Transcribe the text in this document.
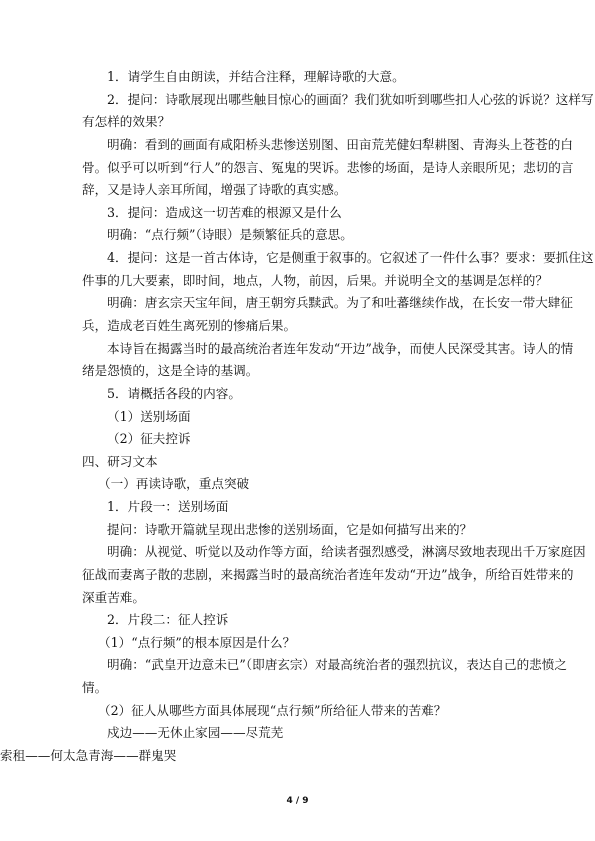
1．请学生自由朗读，并结合注释，理解诗歌的大意。
2．提问：诗歌展现出哪些触目惊心的画面？我们犹如听到哪些扣人心弦的诉说？这样写
有怎样的效果？
明确：看到的画面有咸阳桥头悲惨送别图、田亩荒芜健妇犁耕图、青海头上苍苍的白
骨。似乎可以听到“行人”的怨言、冤鬼的哭诉。悲惨的场面，是诗人亲眼所见；悲切的言
辞，又是诗人亲耳所闻，增强了诗歌的真实感。
3．提问：造成这一切苦难的根源又是什么
明确：“点行频”（诗眼）是频繁征兵的意思。
4．提问：这是一首古体诗，它是侧重于叙事的。它叙述了一件什么事？要求：要抓住这
件事的几大要素，即时间，地点，人物，前因，后果。并说明全文的基调是怎样的？
明确：唐玄宗天宝年间，唐王朝穷兵黩武。为了和吐蕃继续作战，在长安一带大肆征
兵，造成老百姓生离死别的惨痛后果。
本诗旨在揭露当时的最高统治者连年发动“开边”战争，而使人民深受其害。诗人的情
绪是怨愤的，这是全诗的基调。
5．请概括各段的内容。
（1）送别场面
（2）征夫控诉
四、研习文本
（一）再读诗歌，重点突破
1．片段一：送别场面
提问：诗歌开篇就呈现出悲惨的送别场面，它是如何描写出来的？
明确：从视觉、听觉以及动作等方面，给读者强烈感受，淋漓尽致地表现出千万家庭因
征战而妻离子散的悲剧，来揭露当时的最高统治者连年发动“开边”战争，所给百姓带来的
深重苦难。
2．片段二：征人控诉
（1）“点行频”的根本原因是什么？
明确：“武皇开边意未已”（即唐玄宗）对最高统治者的强烈抗议，表达自己的悲愤之
情。
（2）征人从哪些方面具体展现“点行频”所给征人带来的苦难？
戍边——无休止家园——尽荒芜
索租——何太急青海——群鬼哭
4 / 9
